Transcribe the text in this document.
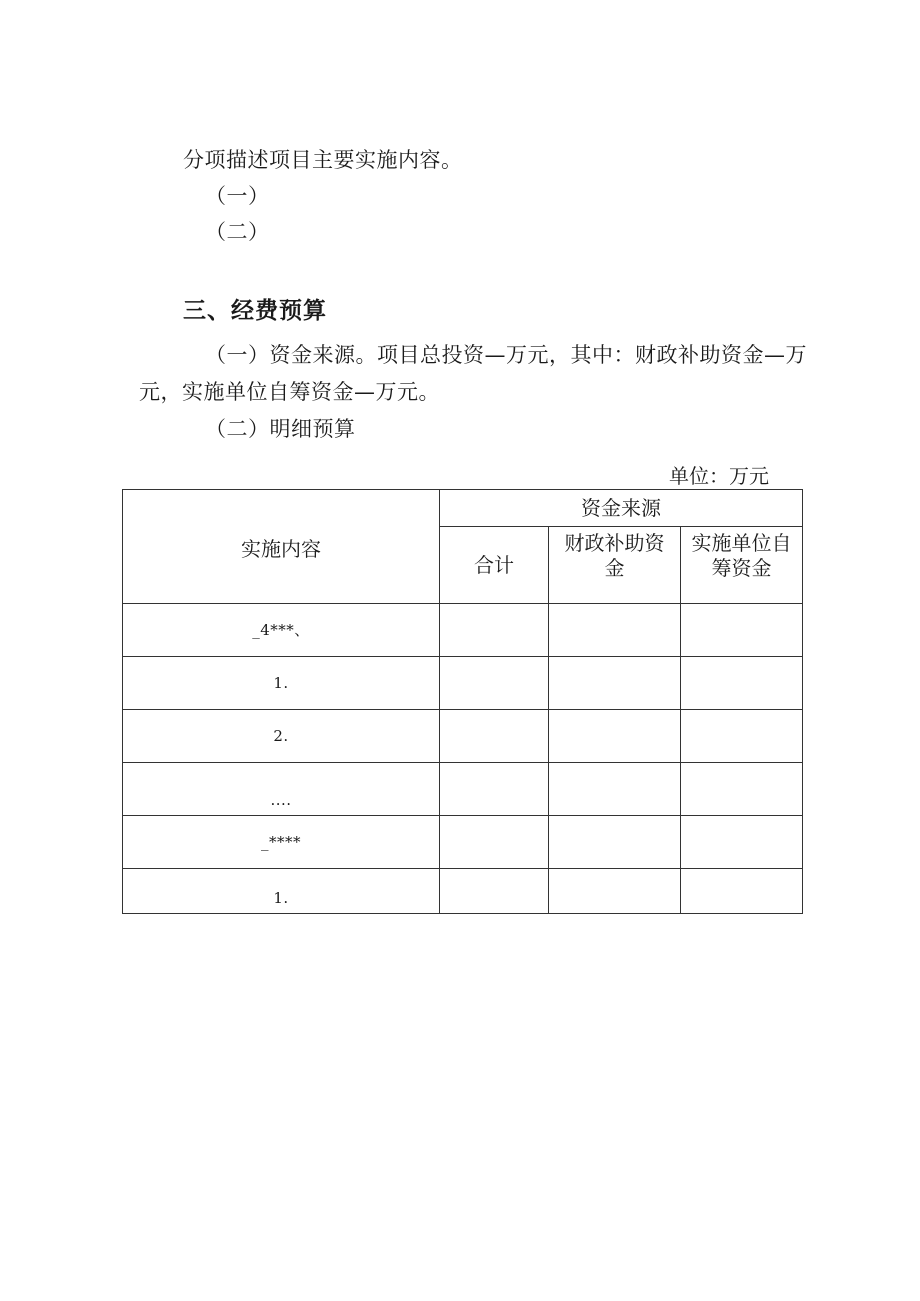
分项描述项目主要实施内容。
（一）
（二）
三、经费预算
（一）资金来源。项目总投资—万元，其中：财政补助资金—万
元，实施单位自筹资金—万元。
（二）明细预算
单位：万元
实施内容	资金来源		
	合计	财政补助资金	实施单位自筹资金
_4***、			
1.			
2.			
....			
_****			
1.			
